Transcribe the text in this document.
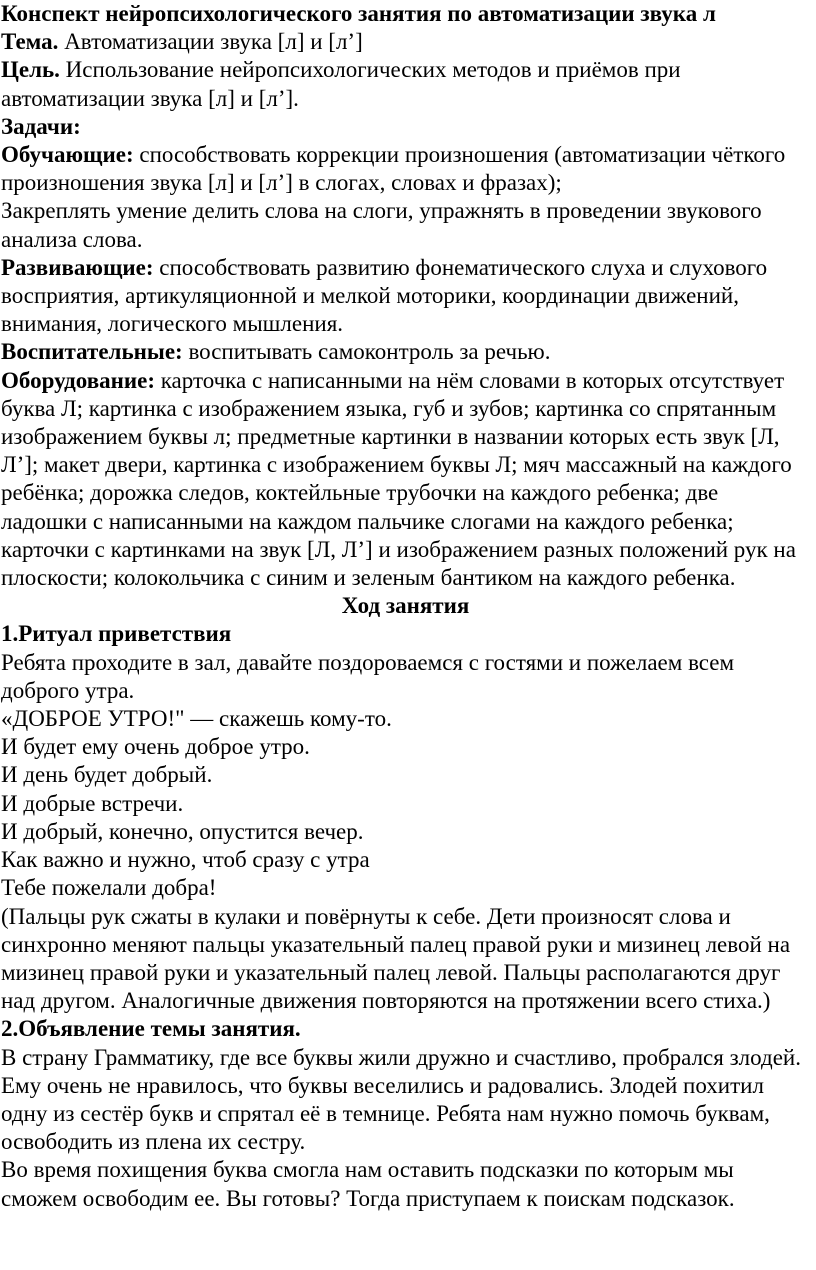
Конспект нейропсихологического занятия по автоматизации звука л

Тема. Автоматизации звука [л] и [л’]

Цель. Использование нейропсихологических методов и приёмов при автоматизации звука [л] и [л’].

Задачи:

Обучающие: способствовать коррекции произношения (автоматизации чёткого произношения звука [л] и [л’] в слогах, словах и фразах);

Закреплять умение делить слова на слоги, упражнять в проведении звукового анализа слова.

Развивающие: способствовать развитию фонематического слуха и слухового восприятия, артикуляционной и мелкой моторики, координации движений, внимания, логического мышления.

Воспитательные: воспитывать самоконтроль за речью.

Оборудование: карточка с написанными на нём словами в которых отсутствует буква Л; картинка с изображением языка, губ и зубов; картинка со спрятанным изображением буквы л; предметные картинки в названии которых есть звук [Л, Л’]; макет двери, картинка с изображением буквы Л; мяч массажный на каждого ребёнка; дорожка следов, коктейльные трубочки на каждого ребенка; две ладошки с написанными на каждом пальчике слогами на каждого ребенка; карточки с картинками на звук [Л, Л’] и изображением разных положений рук на плоскости; колокольчика с синим и зеленым бантиком на каждого ребенка.

Ход занятия

1.Ритуал приветствия

Ребята проходите в зал, давайте поздороваемся с гостями и пожелаем всем доброго утра.

«ДОБРОЕ УТРО!" — скажешь кому-то.

И будет ему очень доброе утро.

И день будет добрый.

И добрые встречи.

И добрый, конечно, опустится вечер.

Как важно и нужно, чтоб сразу с утра

Тебе пожелали добра!

(Пальцы рук сжаты в кулаки и повёрнуты к себе. Дети произносят слова и синхронно меняют пальцы указательный палец правой руки и мизинец левой на мизинец правой руки и указательный палец левой. Пальцы располагаются друг над другом. Аналогичные движения повторяются на протяжении всего стиха.)

2.Объявление темы занятия.

В страну Грамматику, где все буквы жили дружно и счастливо, пробрался злодей. Ему очень не нравилось, что буквы веселились и радовались. Злодей похитил одну из сестёр букв и спрятал её в темнице. Ребята нам нужно помочь буквам, освободить из плена их сестру.

Во время похищения буква смогла нам оставить подсказки по которым мы сможем освободим ее. Вы готовы? Тогда приступаем к поискам подсказок.
